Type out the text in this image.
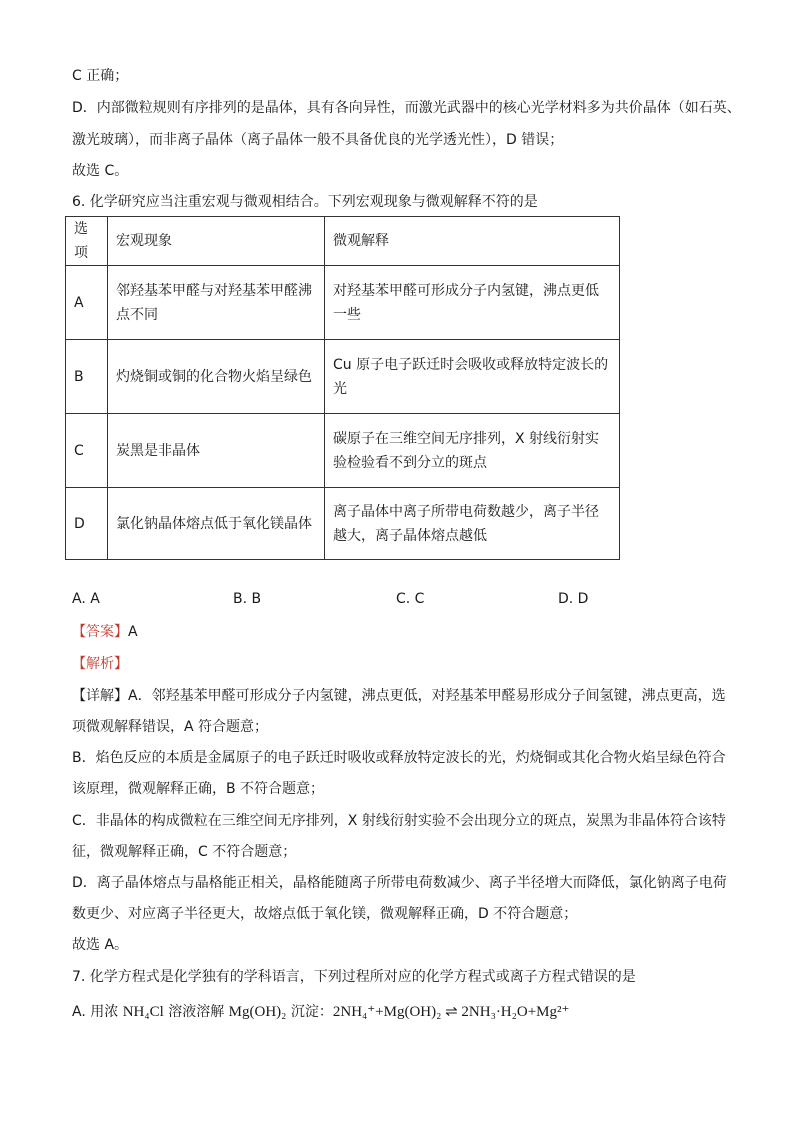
C 正确；
D．内部微粒规则有序排列的是晶体，具有各向异性，而激光武器中的核心光学材料多为共价晶体（如石英、
激光玻璃），而非离子晶体（离子晶体一般不具备优良的光学透光性），D 错误；
故选 C。
6. 化学研究应当注重宏观与微观相结合。下列宏观现象与微观解释不符的是
选项	宏观现象	微观解释
A	邻羟基苯甲醛与对羟基苯甲醛沸点不同	对羟基苯甲醛可形成分子内氢键，沸点更低一些
B	灼烧铜或铜的化合物火焰呈绿色	Cu 原子电子跃迁时会吸收或释放特定波长的光
C	炭黑是非晶体	碳原子在三维空间无序排列，X 射线衍射实验检验看不到分立的斑点
D	氯化钠晶体熔点低于氧化镁晶体	离子晶体中离子所带电荷数越少，离子半径越大，离子晶体熔点越低
A. A	B. B	C. C	D. D
【答案】A
【解析】
【详解】A．邻羟基苯甲醛可形成分子内氢键，沸点更低，对羟基苯甲醛易形成分子间氢键，沸点更高，选
项微观解释错误，A 符合题意；
B．焰色反应的本质是金属原子的电子跃迁时吸收或释放特定波长的光，灼烧铜或其化合物火焰呈绿色符合
该原理，微观解释正确，B 不符合题意；
C．非晶体的构成微粒在三维空间无序排列，X 射线衍射实验不会出现分立的斑点，炭黑为非晶体符合该特
征，微观解释正确，C 不符合题意；
D．离子晶体熔点与晶格能正相关，晶格能随离子所带电荷数减少、离子半径增大而降低，氯化钠离子电荷
数更少、对应离子半径更大，故熔点低于氧化镁，微观解释正确，D 不符合题意；
故选 A。
7. 化学方程式是化学独有的学科语言，下列过程所对应的化学方程式或离子方程式错误的是
A. 用浓 NH₄Cl 溶液溶解 Mg(OH)₂ 沉淀：2NH₄⁺+Mg(OH)₂ ⇌ 2NH₃·H₂O+Mg²⁺
